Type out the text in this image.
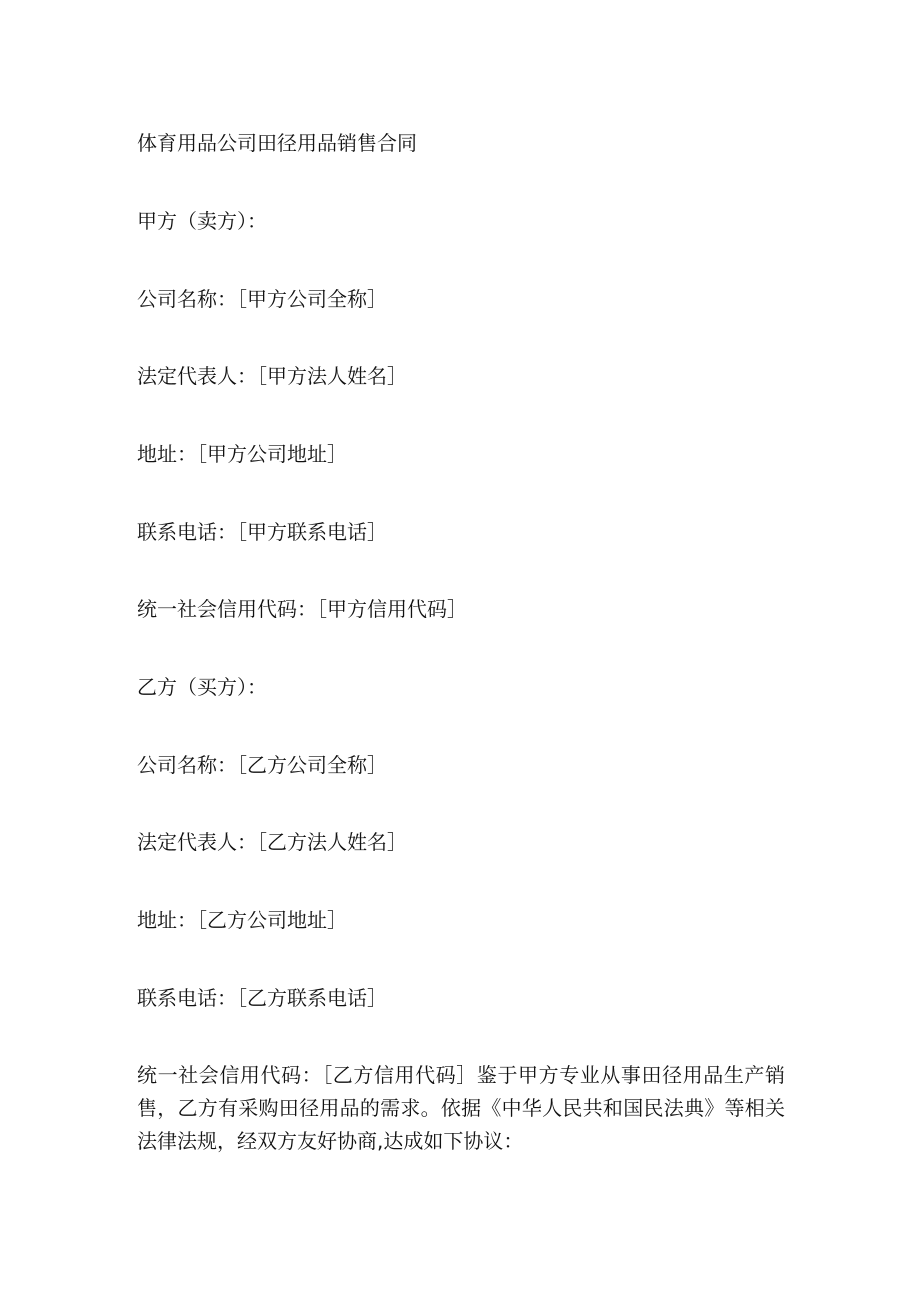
体育用品公司田径用品销售合同
甲方（卖方）：
公司名称：［甲方公司全称］
法定代表人：［甲方法人姓名］
地址：［甲方公司地址］
联系电话：［甲方联系电话］
统一社会信用代码：［甲方信用代码］
乙方（买方）：
公司名称：［乙方公司全称］
法定代表人：［乙方法人姓名］
地址：［乙方公司地址］
联系电话：［乙方联系电话］
统一社会信用代码：［乙方信用代码］鉴于甲方专业从事田径用品生产销售，乙方有采购田径用品的需求。依据《中华人民共和国民法典》等相关法律法规，经双方友好协商,达成如下协议：
